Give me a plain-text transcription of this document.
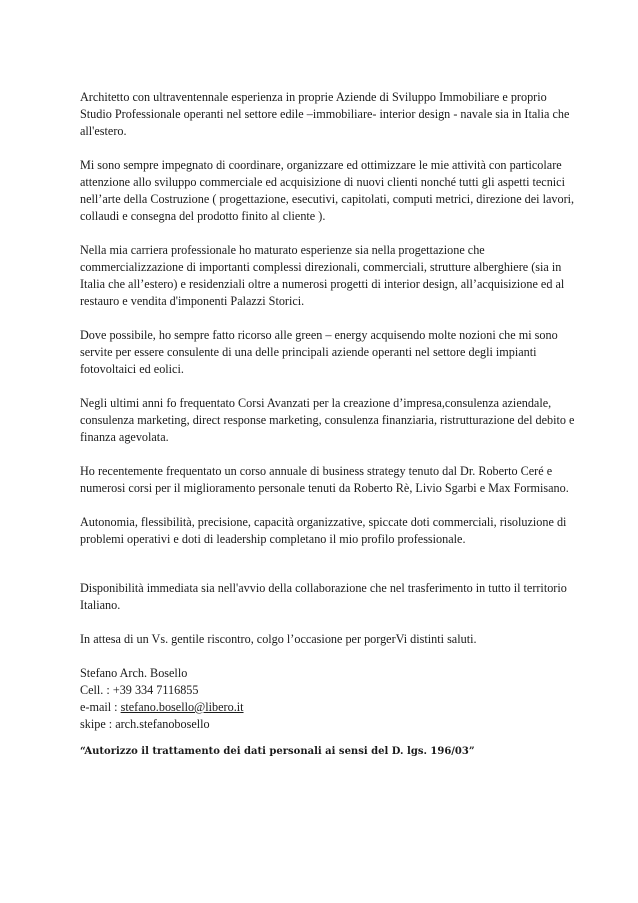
Architetto con ultraventennale esperienza in proprie Aziende di Sviluppo Immobiliare e proprio Studio Professionale operanti nel settore edile –immobiliare- interior design - navale sia in Italia che all'estero.

Mi sono sempre impegnato di coordinare, organizzare ed ottimizzare le mie attività con particolare attenzione allo sviluppo commerciale ed acquisizione di nuovi clienti nonché tutti gli aspetti tecnici nell’arte della Costruzione ( progettazione, esecutivi, capitolati, computi metrici, direzione dei lavori, collaudi e consegna del prodotto finito al cliente ).

Nella mia carriera professionale ho maturato esperienze sia nella progettazione che commercializzazione di importanti complessi direzionali, commerciali, strutture alberghiere (sia in Italia che all’estero) e residenziali oltre a numerosi progetti di interior design, all’acquisizione ed al restauro e vendita d'imponenti Palazzi Storici.

Dove possibile, ho sempre fatto ricorso alle green – energy acquisendo molte nozioni che mi sono servite per essere consulente di una delle principali aziende operanti nel settore degli impianti fotovoltaici ed eolici.

Negli ultimi anni fo frequentato Corsi Avanzati per la creazione d’impresa,consulenza aziendale, consulenza marketing, direct response marketing, consulenza finanziaria, ristrutturazione del debito e finanza agevolata.

Ho recentemente frequentato un corso annuale di business strategy tenuto dal Dr. Roberto Ceré e numerosi corsi per il miglioramento personale tenuti da Roberto Rè, Livio Sgarbi e Max Formisano.

Autonomia, flessibilità, precisione, capacità organizzative, spiccate doti commerciali, risoluzione di problemi operativi e doti di leadership completano il mio profilo professionale.

Disponibilità immediata sia nell'avvio della collaborazione che nel trasferimento in tutto il territorio Italiano.

In attesa di un Vs. gentile riscontro, colgo l’occasione per porgerVi distinti saluti.

Stefano Arch. Bosello
Cell. : +39 334 7116855
e-mail : stefano.bosello@libero.it
skipe : arch.stefanobosello
“Autorizzo il trattamento dei dati personali ai sensi del D. lgs. 196/03”
